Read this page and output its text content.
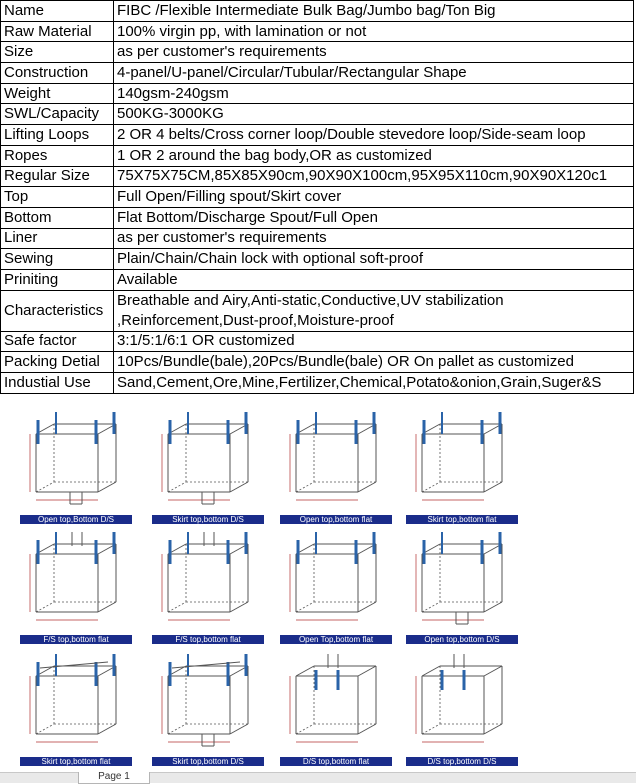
Name	FIBC /Flexible Intermediate Bulk Bag/Jumbo bag/Ton Big
Raw Material	100% virgin pp, with lamination or not
Size	as per customer's requirements
Construction	4-panel/U-panel/Circular/Tubular/Rectangular Shape
Weight	140gsm-240gsm
SWL/Capacity	500KG-3000KG
Lifting Loops	2 OR 4 belts/Cross corner loop/Double stevedore loop/Side-seam loop
Ropes	1 OR 2 around the bag body,OR as customized
Regular Size	75X75X75CM,85X85X90cm,90X90X100cm,95X95X110cm,90X90X120c1
Top	Full Open/Filling spout/Skirt cover
Bottom	Flat Bottom/Discharge Spout/Full Open
Liner	as per customer's requirements
Sewing	Plain/Chain/Chain lock with optional soft-proof
Priniting	Available
Characteristics	Breathable and Airy,Anti-static,Conductive,UV stabilization ,Reinforcement,Dust-proof,Moisture-proof
Safe factor	3:1/5:1/6:1 OR customized
Packing Detial	10Pcs/Bundle(bale),20Pcs/Bundle(bale) OR On pallet as customized
Industial Use	Sand,Cement,Ore,Mine,Fertilizer,Chemical,Potato&onion,Grain,Suger&S
Open top,Bottom D/S	Skirt top,bottom D/S	Open top,bottom flat	Skirt top,bottom flat
F/S top,bottom flat	F/S top,bottom flat	Open Top,bottom flat	Open top,bottom D/S
Skirt top,bottom flat	Skirt top,bottom D/S	D/S top,bottom flat	D/S top,bottom D/S
Page 1
